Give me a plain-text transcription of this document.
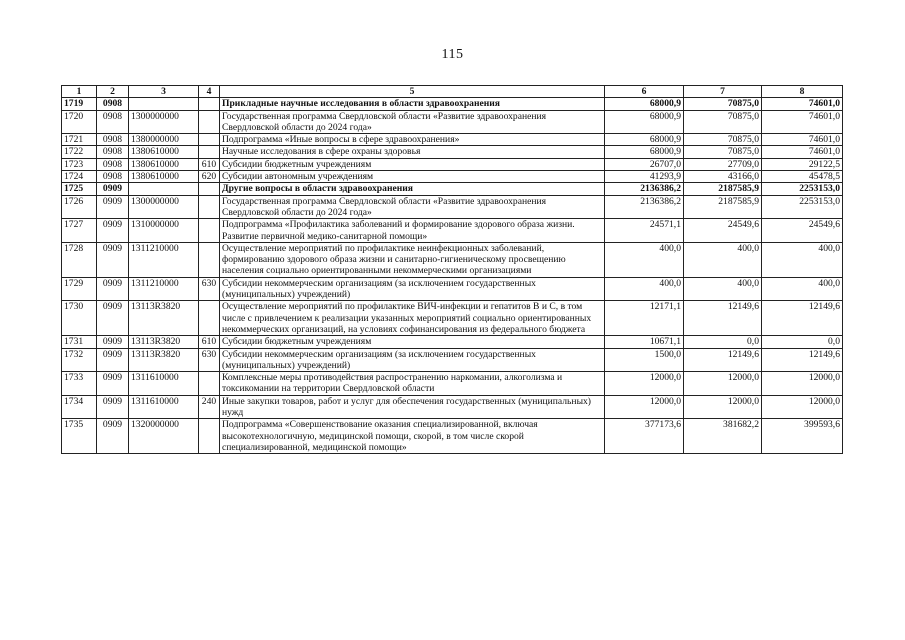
115
1	2	3	4	5	6	7	8
1719	0908			Прикладные научные исследования в области здравоохранения	68000,9	70875,0	74601,0
1720	0908	1300000000		Государственная программа Свердловской области «Развитие здравоохранения Свердловской области до 2024 года»	68000,9	70875,0	74601,0
1721	0908	1380000000		Подпрограмма «Иные вопросы в сфере здравоохранения»	68000,9	70875,0	74601,0
1722	0908	1380610000		Научные исследования в сфере охраны здоровья	68000,9	70875,0	74601,0
1723	0908	1380610000	610	Субсидии бюджетным учреждениям	26707,0	27709,0	29122,5
1724	0908	1380610000	620	Субсидии автономным учреждениям	41293,9	43166,0	45478,5
1725	0909			Другие вопросы в области здравоохранения	2136386,2	2187585,9	2253153,0
1726	0909	1300000000		Государственная программа Свердловской области «Развитие здравоохранения Свердловской области до 2024 года»	2136386,2	2187585,9	2253153,0
1727	0909	1310000000		Подпрограмма «Профилактика заболеваний и формирование здорового образа жизни. Развитие первичной медико-санитарной помощи»	24571,1	24549,6	24549,6
1728	0909	1311210000		Осуществление мероприятий по профилактике неинфекционных заболеваний, формированию здорового образа жизни и санитарно-гигиеническому просвещению населения социально ориентированными некоммерческими организациями	400,0	400,0	400,0
1729	0909	1311210000	630	Субсидии некоммерческим организациям (за исключением государственных (муниципальных) учреждений)	400,0	400,0	400,0
1730	0909	13113R3820		Осуществление мероприятий по профилактике ВИЧ-инфекции и гепатитов В и С, в том числе с привлечением к реализации указанных мероприятий социально ориентированных некоммерческих организаций, на условиях софинансирования из федерального бюджета	12171,1	12149,6	12149,6
1731	0909	13113R3820	610	Субсидии бюджетным учреждениям	10671,1	0,0	0,0
1732	0909	13113R3820	630	Субсидии некоммерческим организациям (за исключением государственных (муниципальных) учреждений)	1500,0	12149,6	12149,6
1733	0909	1311610000		Комплексные меры противодействия распространению наркомании, алкоголизма и токсикомании на территории Свердловской области	12000,0	12000,0	12000,0
1734	0909	1311610000	240	Иные закупки товаров, работ и услуг для обеспечения государственных (муниципальных) нужд	12000,0	12000,0	12000,0
1735	0909	1320000000		Подпрограмма «Совершенствование оказания специализированной, включая высокотехнологичную, медицинской помощи, скорой, в том числе скорой специализированной, медицинской помощи»	377173,6	381682,2	399593,6
